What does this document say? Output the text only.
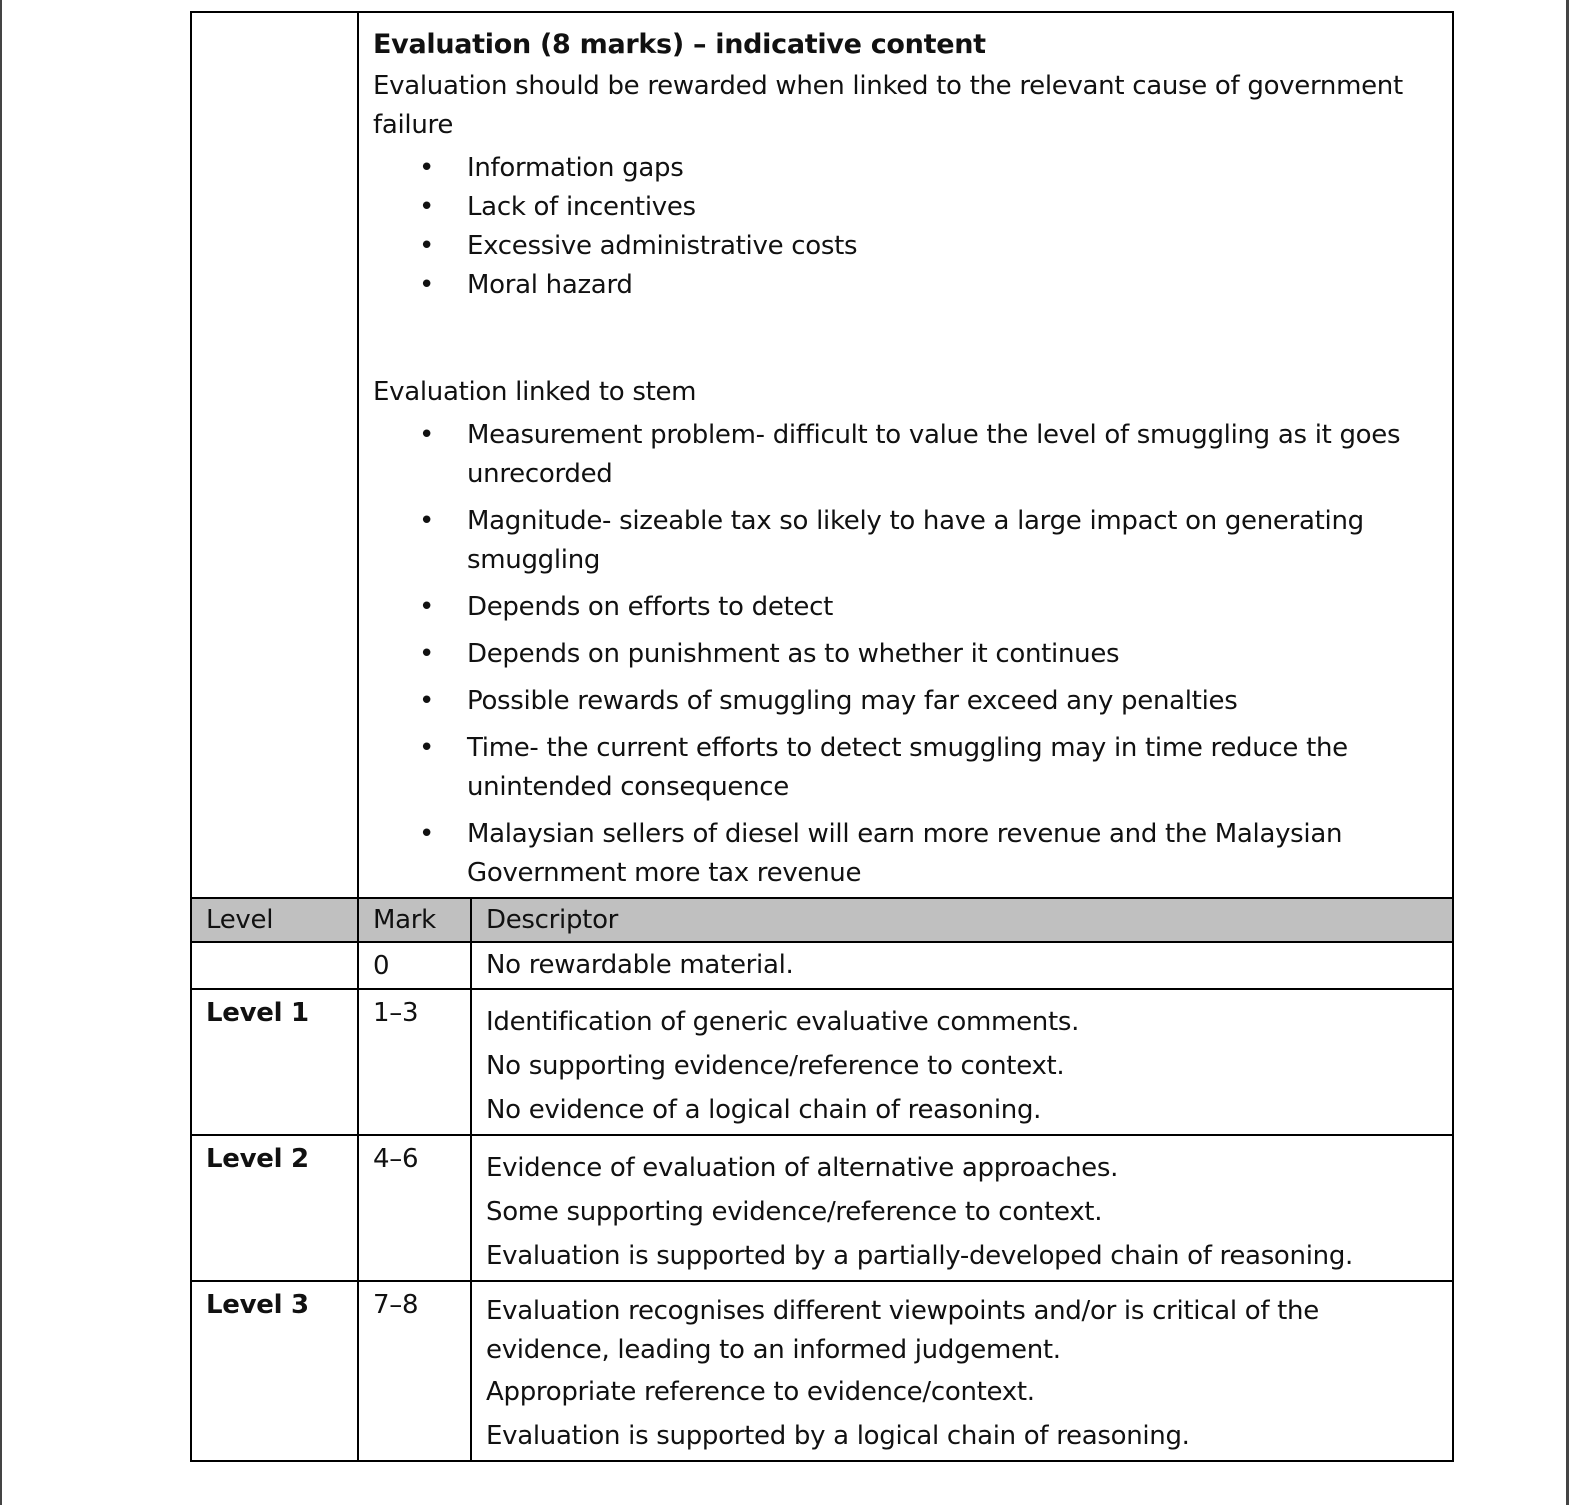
Evaluation (8 marks) – indicative content

Evaluation should be rewarded when linked to the relevant cause of government failure

• Information gaps
• Lack of incentives
• Excessive administrative costs
• Moral hazard

Evaluation linked to stem

• Measurement problem- difficult to value the level of smuggling as it goes unrecorded
• Magnitude- sizeable tax so likely to have a large impact on generating smuggling
• Depends on efforts to detect
• Depends on punishment as to whether it continues
• Possible rewards of smuggling may far exceed any penalties
• Time- the current efforts to detect smuggling may in time reduce the unintended consequence
• Malaysian sellers of diesel will earn more revenue and the Malaysian Government more tax revenue

Level	Mark	Descriptor
	0	No rewardable material.

Level 1	1–3	Identification of generic evaluative comments.
No supporting evidence/reference to context.
No evidence of a logical chain of reasoning.

Level 2	4–6	Evidence of evaluation of alternative approaches.
Some supporting evidence/reference to context.
Evaluation is supported by a partially-developed chain of reasoning.

Level 3	7–8	Evaluation recognises different viewpoints and/or is critical of the evidence, leading to an informed judgement.
Appropriate reference to evidence/context.
Evaluation is supported by a logical chain of reasoning.
